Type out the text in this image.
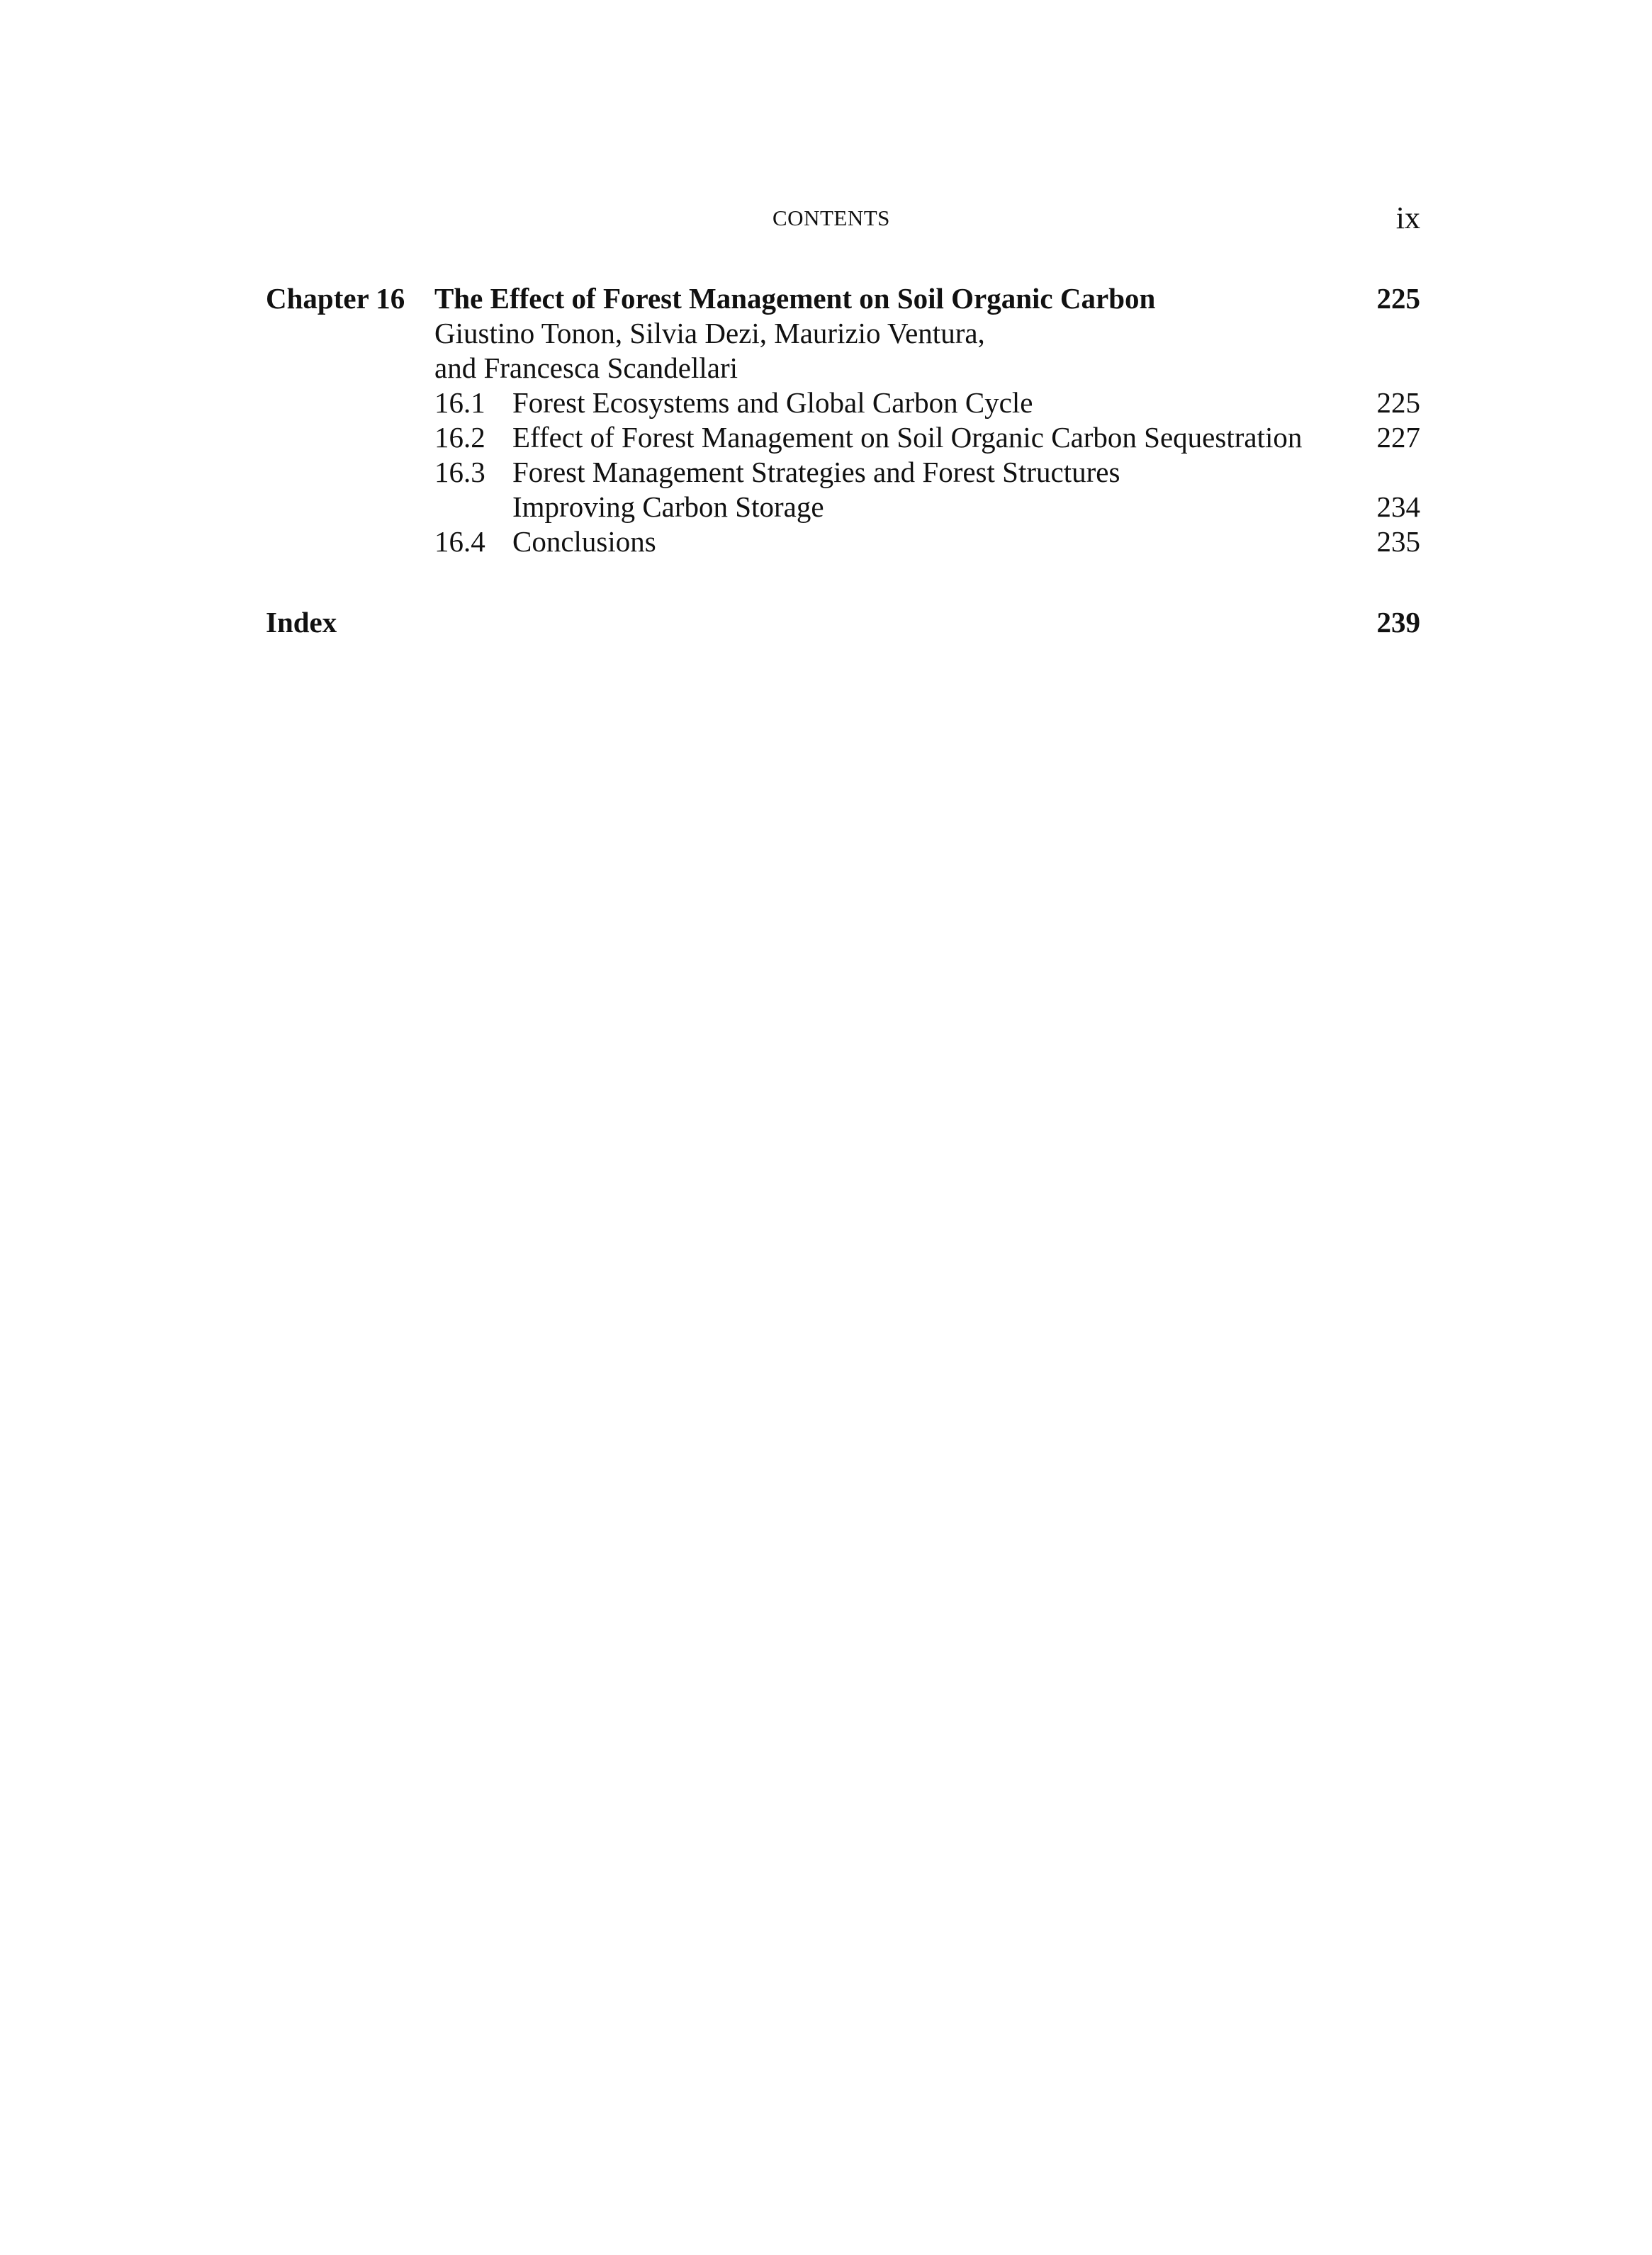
CONTENTS	ix
Chapter 16 The Effect of Forest Management on Soil Organic Carbon	225
Giustino Tonon, Silvia Dezi, Maurizio Ventura,
and Francesca Scandellari
16.1 Forest Ecosystems and Global Carbon Cycle	225
16.2 Effect of Forest Management on Soil Organic Carbon Sequestration	227
16.3 Forest Management Strategies and Forest Structures
Improving Carbon Storage	234
16.4 Conclusions	235
Index	239
